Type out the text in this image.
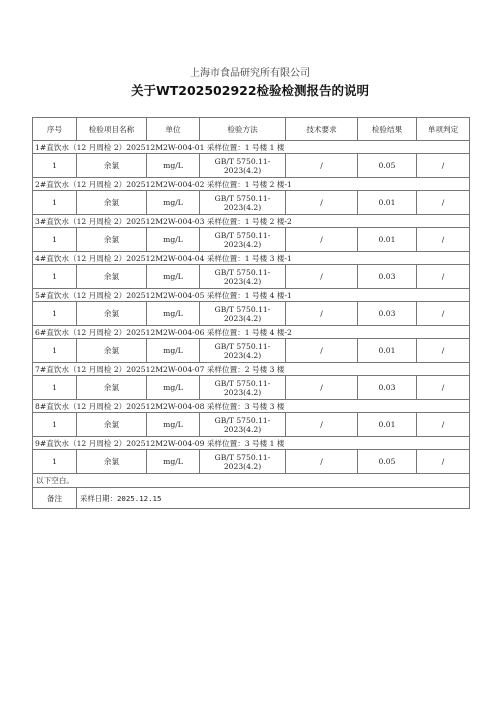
上海市食品研究所有限公司
关于WT202502922检验检测报告的说明
序号	检验项目名称	单位	检验方法	技术要求	检验结果	单项判定
1#直饮水（12 月周检 2）202512M2W-004-01 采样位置：1 号楼 1 楼						
1	余氯	mg/L	GB/T 5750.11-2023(4.2)	/	0.05	/
2#直饮水（12 月周检 2）202512M2W-004-02 采样位置：1 号楼 2 楼-1						
1	余氯	mg/L	GB/T 5750.11-2023(4.2)	/	0.01	/
3#直饮水（12 月周检 2）202512M2W-004-03 采样位置：1 号楼 2 楼-2						
1	余氯	mg/L	GB/T 5750.11-2023(4.2)	/	0.01	/
4#直饮水（12 月周检 2）202512M2W-004-04 采样位置：1 号楼 3 楼-1						
1	余氯	mg/L	GB/T 5750.11-2023(4.2)	/	0.03	/
5#直饮水（12 月周检 2）202512M2W-004-05 采样位置：1 号楼 4 楼-1						
1	余氯	mg/L	GB/T 5750.11-2023(4.2)	/	0.03	/
6#直饮水（12 月周检 2）202512M2W-004-06 采样位置：1 号楼 4 楼-2						
1	余氯	mg/L	GB/T 5750.11-2023(4.2)	/	0.01	/
7#直饮水（12 月周检 2）202512M2W-004-07 采样位置：2 号楼 3 楼						
1	余氯	mg/L	GB/T 5750.11-2023(4.2)	/	0.03	/
8#直饮水（12 月周检 2）202512M2W-004-08 采样位置：3 号楼 3 楼						
1	余氯	mg/L	GB/T 5750.11-2023(4.2)	/	0.01	/
9#直饮水（12 月周检 2）202512M2W-004-09 采样位置：3 号楼 1 楼						
1	余氯	mg/L	GB/T 5750.11-2023(4.2)	/	0.05	/
以下空白。						
备注	采样日期：2025.12.15					
